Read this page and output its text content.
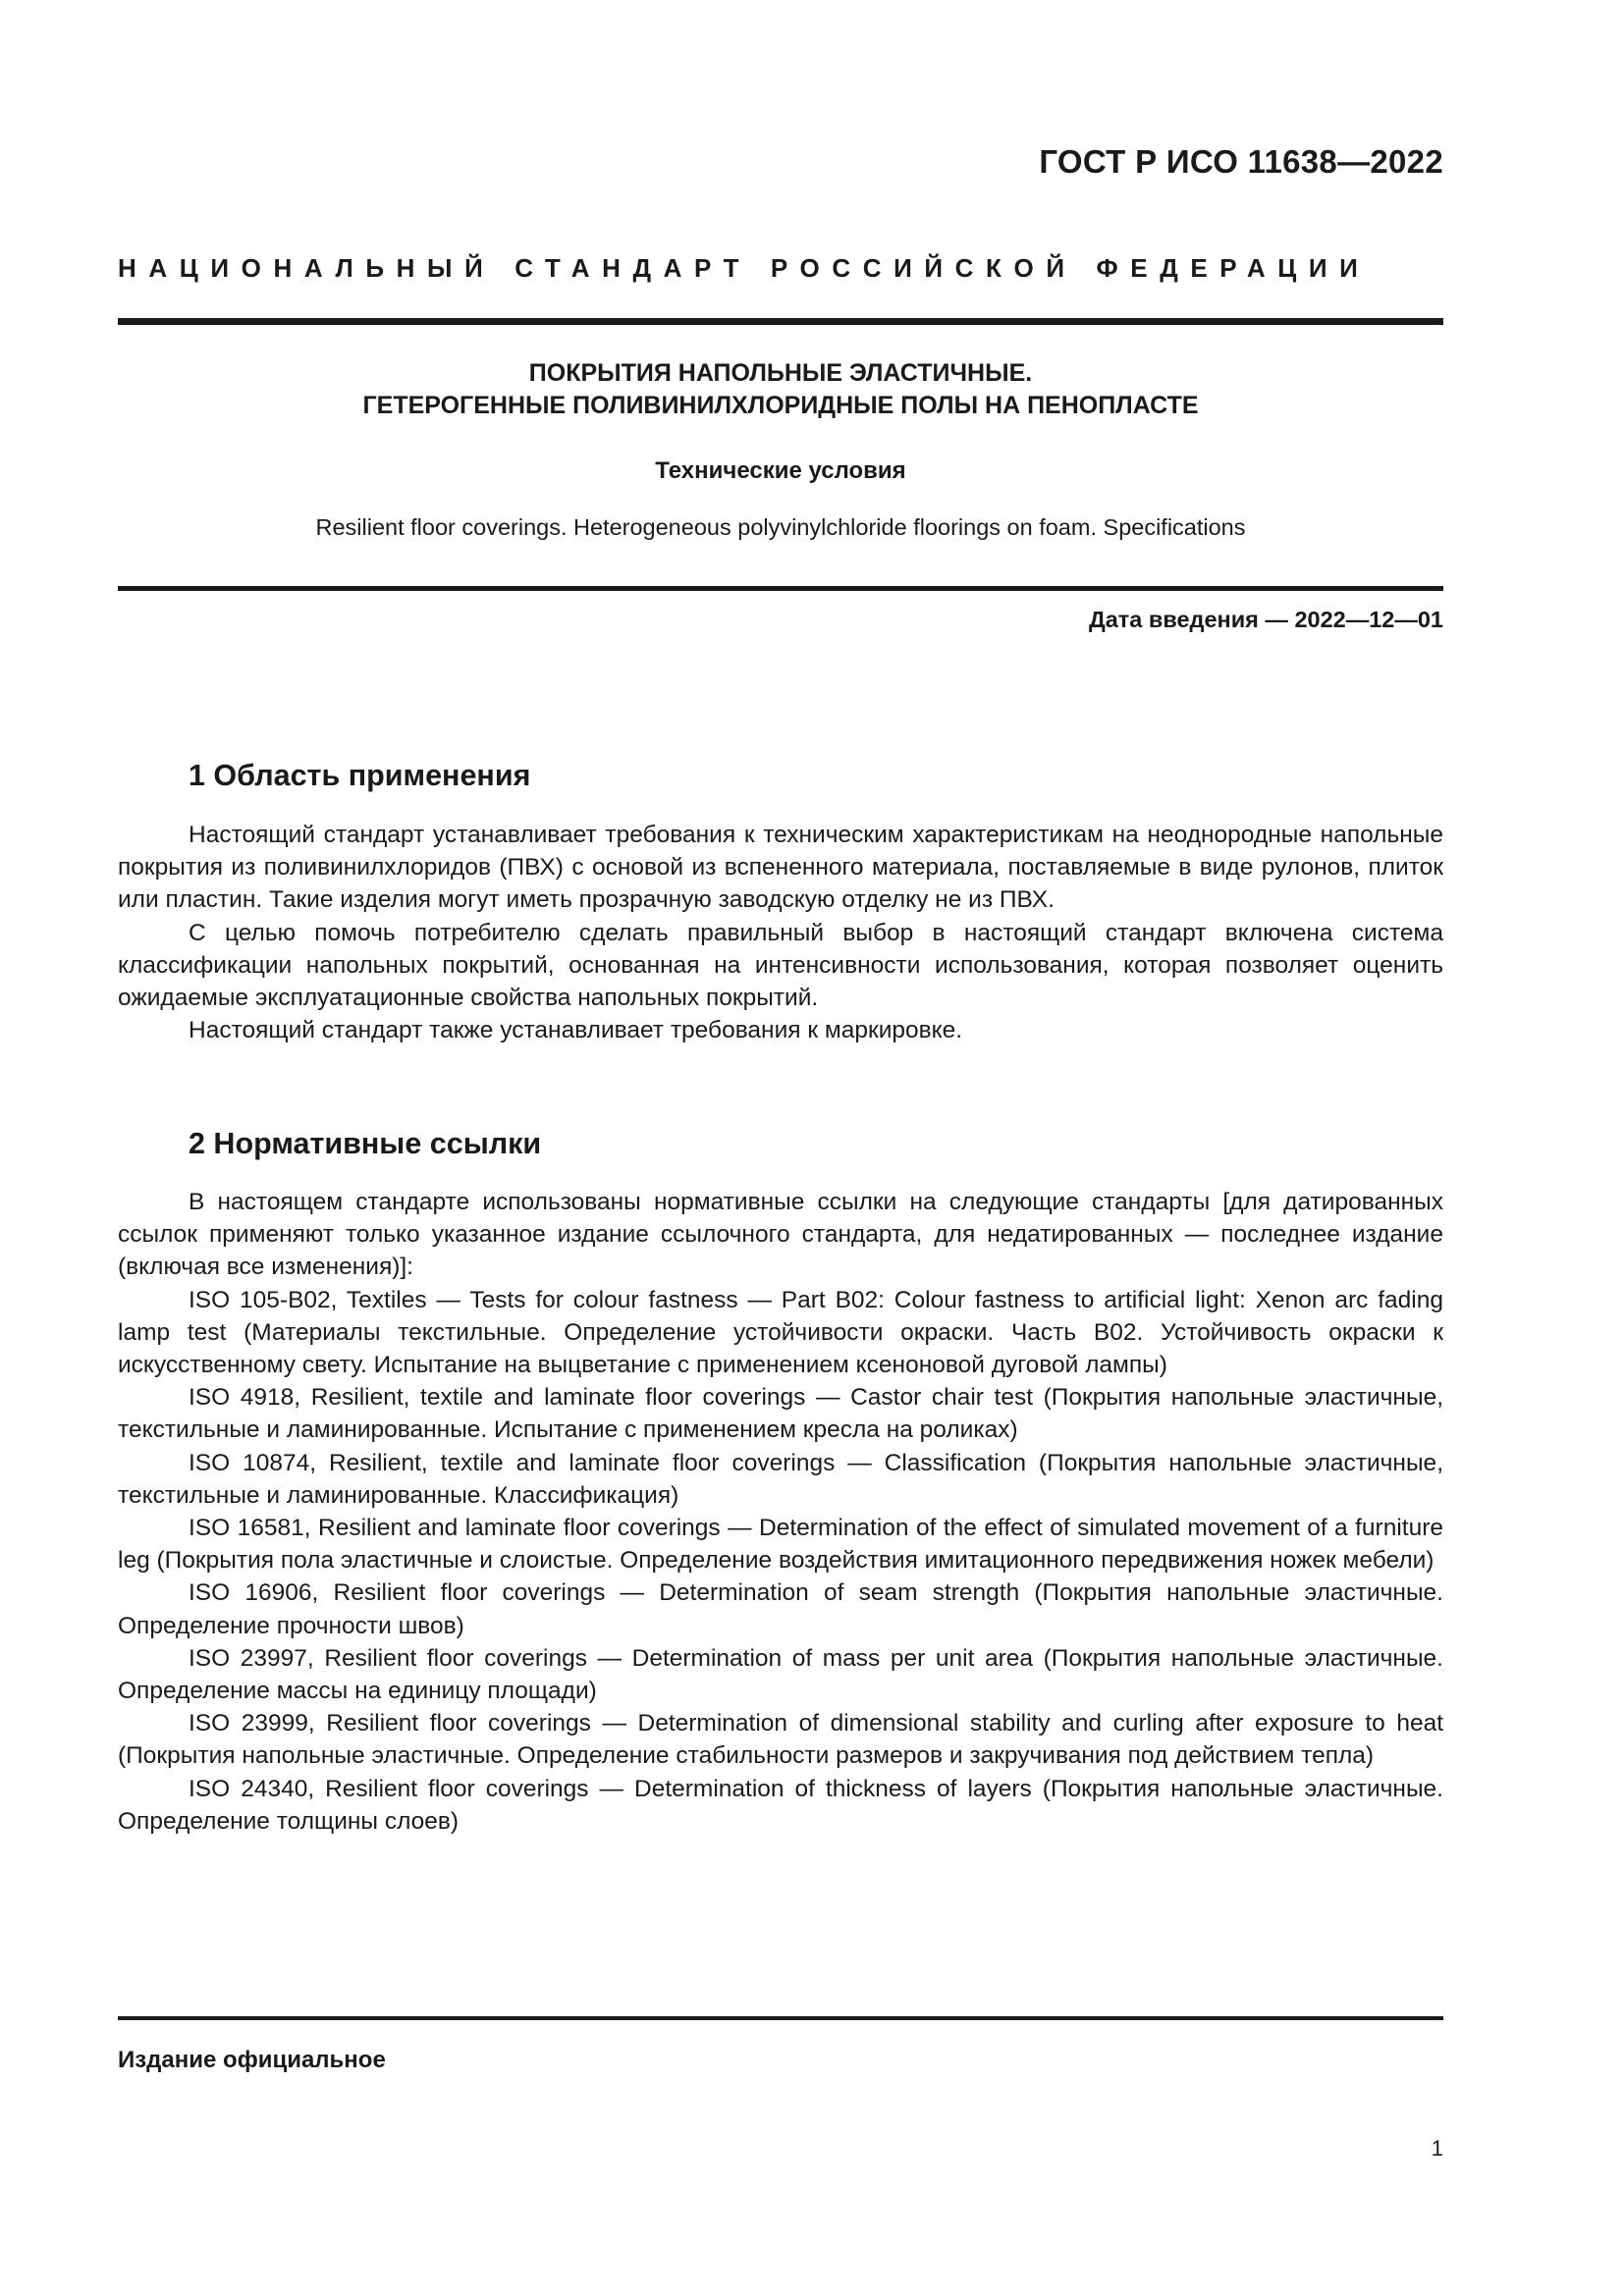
ГОСТ Р ИСО 11638—2022
НАЦИОНАЛЬНЫЙ СТАНДАРТ РОССИЙСКОЙ ФЕДЕРАЦИИ
ПОКРЫТИЯ НАПОЛЬНЫЕ ЭЛАСТИЧНЫЕ.
ГЕТЕРОГЕННЫЕ ПОЛИВИНИЛХЛОРИДНЫЕ ПОЛЫ НА ПЕНОПЛАСТЕ
Технические условия
Resilient floor coverings. Heterogeneous polyvinylchloride floorings on foam. Specifications
Дата введения — 2022—12—01
1 Область применения

Настоящий стандарт устанавливает требования к техническим характеристикам на неоднородные напольные покрытия из поливинилхлоридов (ПВХ) с основой из вспененного материала, поставляемые в виде рулонов, плиток или пластин. Такие изделия могут иметь прозрачную заводскую отделку не из ПВХ.

С целью помочь потребителю сделать правильный выбор в настоящий стандарт включена система классификации напольных покрытий, основанная на интенсивности использования, которая позволяет оценить ожидаемые эксплуатационные свойства напольных покрытий.

Настоящий стандарт также устанавливает требования к маркировке.

2 Нормативные ссылки

В настоящем стандарте использованы нормативные ссылки на следующие стандарты [для датированных ссылок применяют только указанное издание ссылочного стандарта, для недатированных — последнее издание (включая все изменения)]:

ISO 105-B02, Textiles — Tests for colour fastness — Part B02: Colour fastness to artificial light: Xenon arc fading lamp test (Материалы текстильные. Определение устойчивости окраски. Часть B02. Устойчивость окраски к искусственному свету. Испытание на выцветание с применением ксеноновой дуговой лампы)

ISO 4918, Resilient, textile and laminate floor coverings — Castor chair test (Покрытия напольные эластичные, текстильные и ламинированные. Испытание с применением кресла на роликах)

ISO 10874, Resilient, textile and laminate floor coverings — Classification (Покрытия напольные эластичные, текстильные и ламинированные. Классификация)

ISO 16581, Resilient and laminate floor coverings — Determination of the effect of simulated movement of a furniture leg (Покрытия пола эластичные и слоистые. Определение воздействия имитационного передвижения ножек мебели)

ISO 16906, Resilient floor coverings — Determination of seam strength (Покрытия напольные эластичные. Определение прочности швов)

ISO 23997, Resilient floor coverings — Determination of mass per unit area (Покрытия напольные эластичные. Определение массы на единицу площади)

ISO 23999, Resilient floor coverings — Determination of dimensional stability and curling after exposure to heat (Покрытия напольные эластичные. Определение стабильности размеров и закручивания под действием тепла)

ISO 24340, Resilient floor coverings — Determination of thickness of layers (Покрытия напольные эластичные. Определение толщины слоев)

Издание официальное
1
